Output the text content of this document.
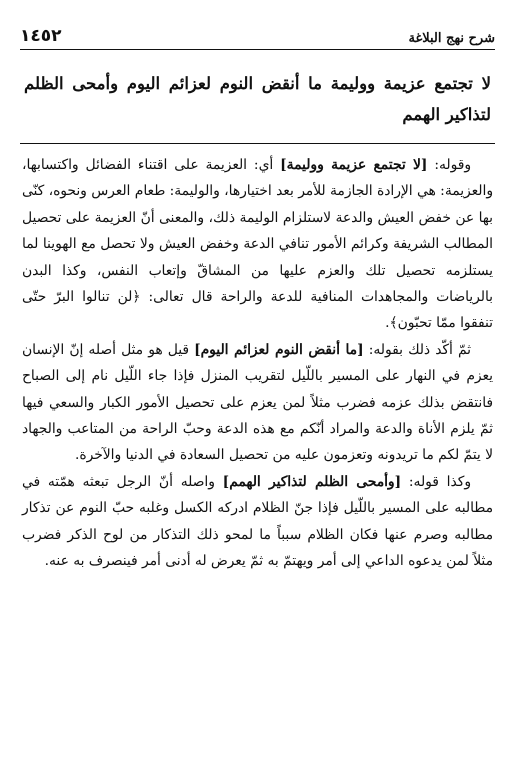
شرح نهج البلاغة
١٤٥٢
لا تجتمع عزيمة ووليمة ما أنقض النوم لعزائم اليوم وأمحى الظلم لتذاكير الهمم

وقوله: [لا تجتمع عزيمة ووليمة] أي: العزيمة على اقتناء الفضائل واكتسابها، والعزيمة: هي الإرادة الجازمة للأمر بعد اختيارها، والوليمة: طعام العرس ونحوه، كنّى بها عن خفض العيش والدعة لاستلزام الوليمة ذلك، والمعنى أنّ العزيمة على تحصيل المطالب الشريفة وكرائم الأمور تنافي الدعة وخفض العيش ولا تحصل مع الهوينا لما يستلزمه تحصيل تلك والعزم عليها من المشاقّ وإتعاب النفس، وكذا البدن بالرياضات والمجاهدات المنافية للدعة والراحة قال تعالى: ﴿لن تنالوا البرّ حتّى تنفقوا ممّا تحبّون﴾.

ثمّ أكّد ذلك بقوله: [ما أنقض النوم لعزائم اليوم] قيل هو مثل أصله إنّ الإنسان يعزم في النهار على المسير باللّيل لتقريب المنزل فإذا جاء اللّيل نام إلى الصباح فانتقض بذلك عزمه فضرب مثلاً لمن يعزم على تحصيل الأمور الكبار والسعي فيها ثمّ يلزم الأناة والدعة والمراد أنّكم مع هذه الدعة وحبّ الراحة من المتاعب والجهاد لا يتمّ لكم ما تريدونه وتعزمون عليه من تحصيل السعادة في الدنيا والآخرة.

وكذا قوله: [وأمحى الظلم لتذاكير الهمم] واصله أنّ الرجل تبعثه همّته في مطالبه على المسير باللّيل فإذا جنّ الظلام ادركه الكسل وغلبه حبّ النوم عن تذكار مطالبه وصرم عنها فكان الظلام سبباً ما لمحو ذلك التذكار من لوح الذكر فضرب مثلاً لمن يدعوه الداعي إلى أمر ويهتمّ به ثمّ يعرض له أدنى أمر فينصرف به عنه.
